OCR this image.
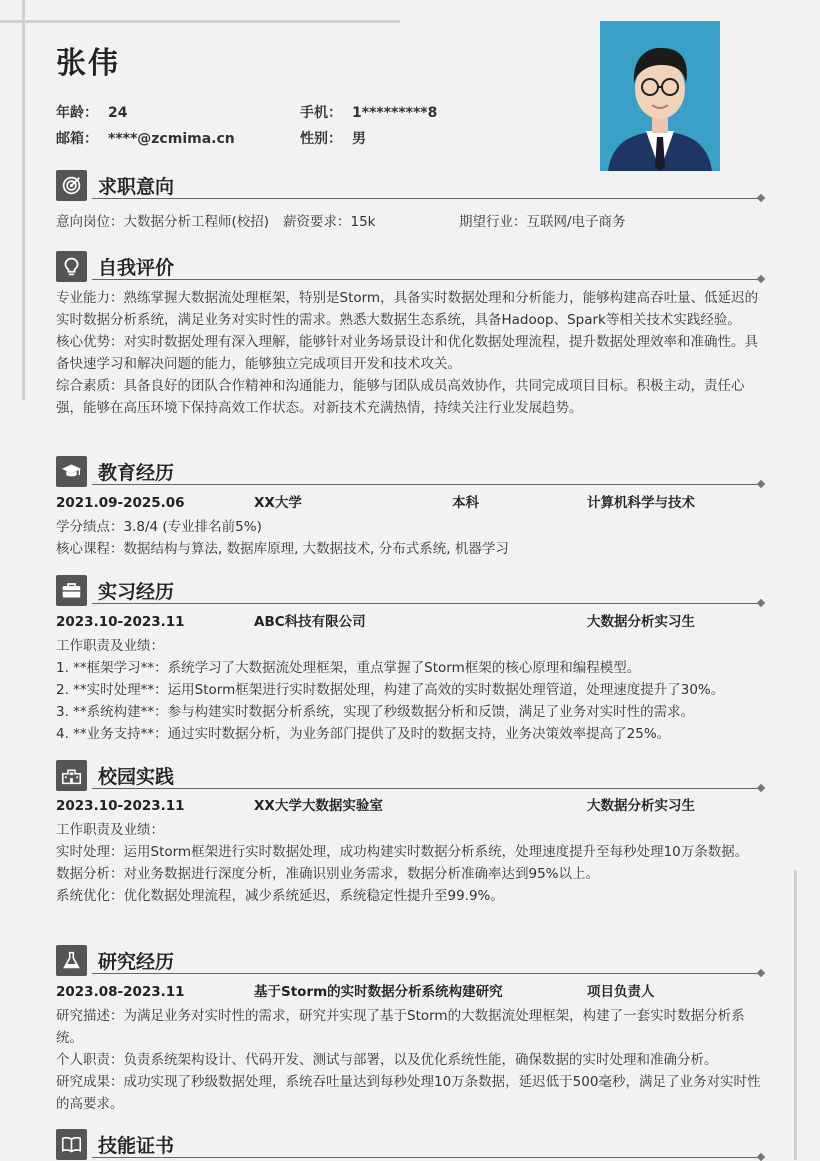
张伟
年龄： 24	手机： 1*********8
邮箱： ****@zcmima.cn	性别： 男
求职意向
意向岗位：大数据分析工程师(校招) 薪资要求：15k	期望行业：互联网/电子商务
自我评价
专业能力：熟练掌握大数据流处理框架，特别是Storm，具备实时数据处理和分析能力，能够构建高吞吐量、低延迟的实时数据分析系统，满足业务对实时性的需求。熟悉大数据生态系统，具备Hadoop、Spark等相关技术实践经验。
核心优势：对实时数据处理有深入理解，能够针对业务场景设计和优化数据处理流程，提升数据处理效率和准确性。具备快速学习和解决问题的能力，能够独立完成项目开发和技术攻关。
综合素质：具备良好的团队合作精神和沟通能力，能够与团队成员高效协作，共同完成项目目标。积极主动，责任心强，能够在高压环境下保持高效工作状态。对新技术充满热情，持续关注行业发展趋势。
教育经历
2021.09-2025.06	XX大学	本科	计算机科学与技术
学分绩点：3.8/4 (专业排名前5%)
核心课程：数据结构与算法, 数据库原理, 大数据技术, 分布式系统, 机器学习
实习经历
2023.10-2023.11	ABC科技有限公司	大数据分析实习生
工作职责及业绩：
1. **框架学习**：系统学习了大数据流处理框架，重点掌握了Storm框架的核心原理和编程模型。
2. **实时处理**：运用Storm框架进行实时数据处理，构建了高效的实时数据处理管道，处理速度提升了30%。
3. **系统构建**：参与构建实时数据分析系统，实现了秒级数据分析和反馈，满足了业务对实时性的需求。
4. **业务支持**：通过实时数据分析，为业务部门提供了及时的数据支持，业务决策效率提高了25%。
校园实践
2023.10-2023.11	XX大学大数据实验室	大数据分析实习生
工作职责及业绩：
实时处理：运用Storm框架进行实时数据处理，成功构建实时数据分析系统，处理速度提升至每秒处理10万条数据。
数据分析：对业务数据进行深度分析，准确识别业务需求，数据分析准确率达到95%以上。
系统优化：优化数据处理流程，减少系统延迟，系统稳定性提升至99.9%。
研究经历
2023.08-2023.11	基于Storm的实时数据分析系统构建研究	项目负责人
研究描述：为满足业务对实时性的需求，研究并实现了基于Storm的大数据流处理框架，构建了一套实时数据分析系统。
个人职责：负责系统架构设计、代码开发、测试与部署，以及优化系统性能，确保数据的实时处理和准确分析。
研究成果：成功实现了秒级数据处理，系统吞吐量达到每秒处理10万条数据，延迟低于500毫秒，满足了业务对实时性的高要求。
技能证书
